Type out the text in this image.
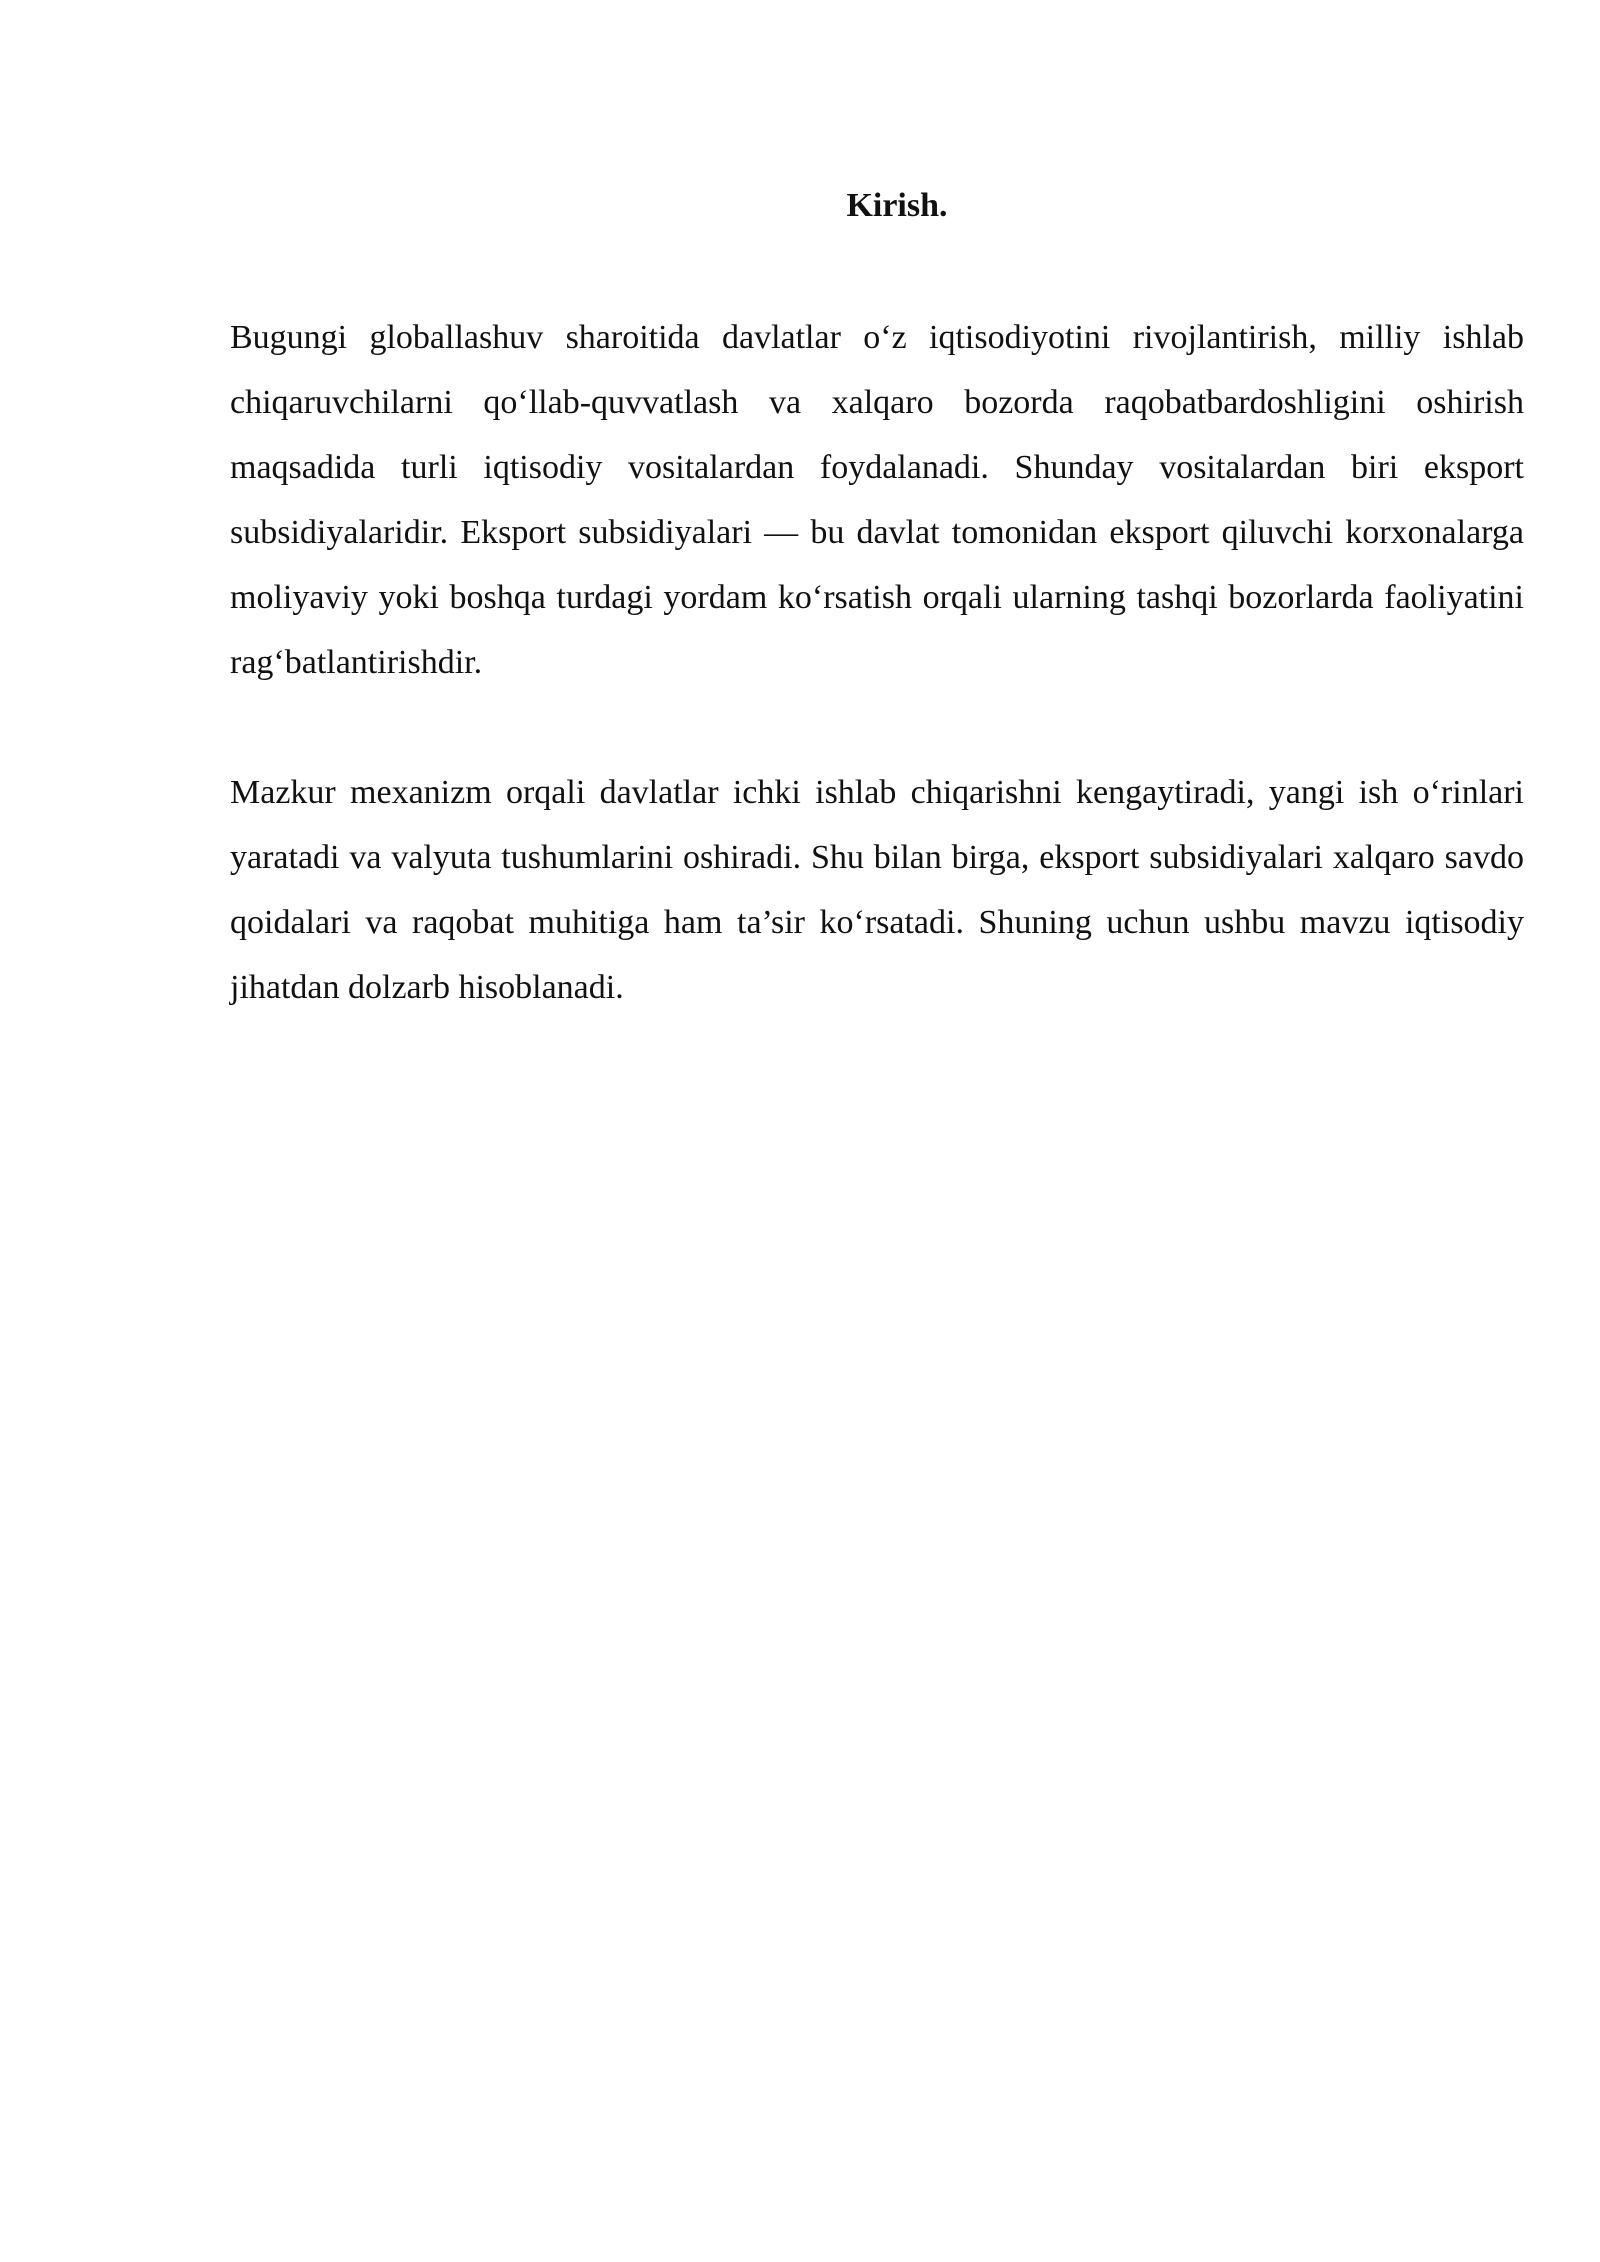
Kirish.

Bugungi globallashuv sharoitida davlatlar o‘z iqtisodiyotini rivojlantirish, milliy ishlab chiqaruvchilarni qo‘llab-quvvatlash va xalqaro bozorda raqobatbardoshligini oshirish maqsadida turli iqtisodiy vositalardan foydalanadi. Shunday vositalardan biri eksport subsidiyalaridir. Eksport subsidiyalari — bu davlat tomonidan eksport qiluvchi korxonalarga moliyaviy yoki boshqa turdagi yordam ko‘rsatish orqali ularning tashqi bozorlarda faoliyatini rag‘batlantirishdir.

Mazkur mexanizm orqali davlatlar ichki ishlab chiqarishni kengaytiradi, yangi ish o‘rinlari yaratadi va valyuta tushumlarini oshiradi. Shu bilan birga, eksport subsidiyalari xalqaro savdo qoidalari va raqobat muhitiga ham ta’sir ko‘rsatadi. Shuning uchun ushbu mavzu iqtisodiy jihatdan dolzarb hisoblanadi.
